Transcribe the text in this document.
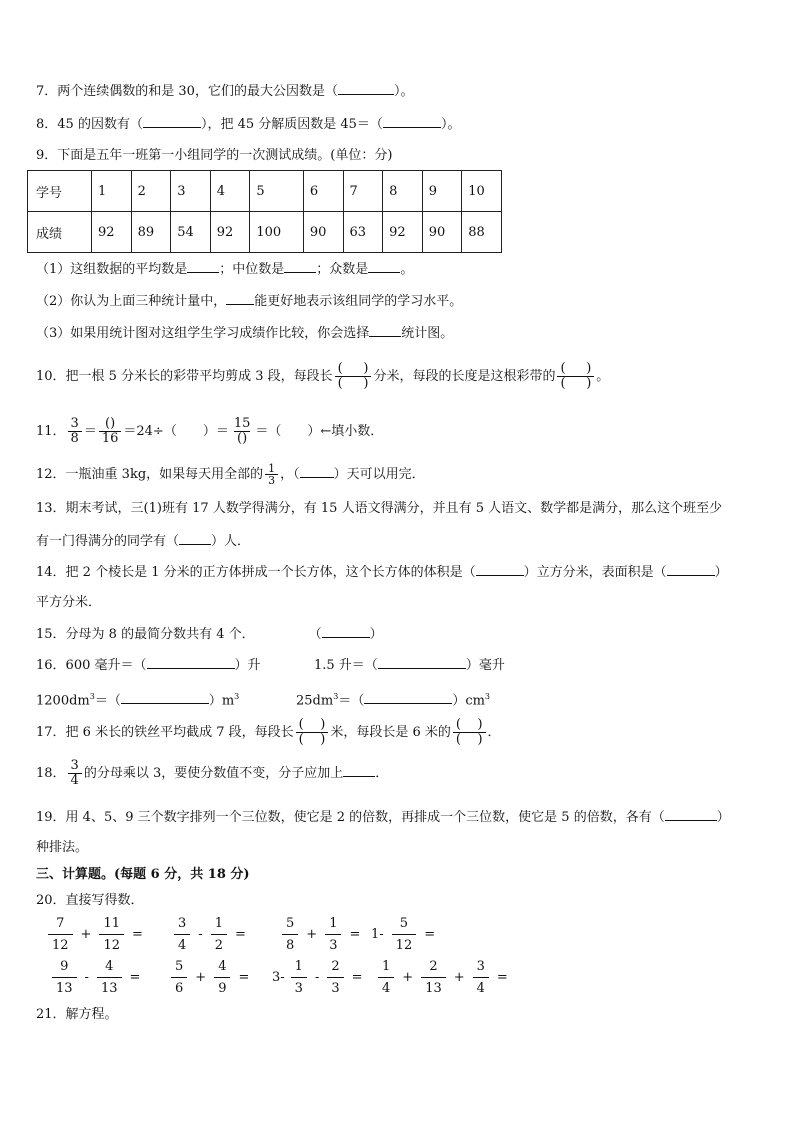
7．两个连续偶数的和是 30，它们的最大公因数是（	）。
8．45 的因数有（	），把 45 分解质因数是 45＝（	）。
9．下面是五年一班第一小组同学的一次测试成绩。(单位：分)
学号	1	2	3	4	5	6	7	8	9	10
成绩	92	89	54	92	100	90	63	92	90	88
（1）这组数据的平均数是 ；中位数是 ；众数是 。
（2）你认为上面三种统计量中， 能更好地表示该组同学的学习水平。
（3）如果用统计图对这组学生学习成绩作比较，你会选择 统计图。
10．把一根 5 分米长的彩带平均剪成 3 段，每段长 $\frac{( )}{( )}$ 分米，每段的长度是这根彩带的 $\frac{( )}{( )}$ 。
11． $\frac{3}{8} = \frac{()}{16} =24\div$（　　）＝ $\frac{15}{()}$ ＝（　　）←填小数．
12．一瓶油重 3kg，如果每天用全部的 $\frac{1}{3}$ ，（	）天可以用完．
13．期末考试，三(1)班有 17 人数学得满分，有 15 人语文得满分，并且有 5 人语文、数学都是满分，那么这个班至少
有一门得满分的同学有（ ）人．
14．把 2 个棱长是 1 分米的正方体拼成一个长方体，这个长方体的体积是（	）立方分米，表面积是（	）
平方分米．
15．分母为 8 的最简分数共有 4 个．	（	）
16．600 毫升＝（	）升	1.5 升＝（	）毫升
$1200dm^3=$（	）$m^3$	$25dm^3=$（	）$cm^3$
17．把 6 米长的铁丝平均截成 7 段，每段长 $\frac{( )}{( )}$ 米，每段长是 6 米的 $\frac{( )}{( )}$ ．
18． $\frac{3}{4}$ 的分母乘以 3，要使分数值不变，分子应加上 ．
19．用 4、5、9 三个数字排列一个三位数，使它是 2 的倍数，再排成一个三位数，使它是 5 的倍数，各有（	）
种排法。
三、计算题。(每题 6 分，共 18 分)
20．直接写得数．
$\frac{7}{12} + \frac{11}{12} = \frac{3}{4} - \frac{1}{2}$ =	$\frac{5}{8} + \frac{1}{3} = 1- \frac{5}{12}$ =
$\frac{9}{13} - \frac{4}{13} = \frac{5}{6} + \frac{4}{9} = 3- \frac{1}{3} - \frac{2}{3} = \frac{1}{4} + \frac{2}{13} + \frac{3}{4}$ =
21．解方程。
